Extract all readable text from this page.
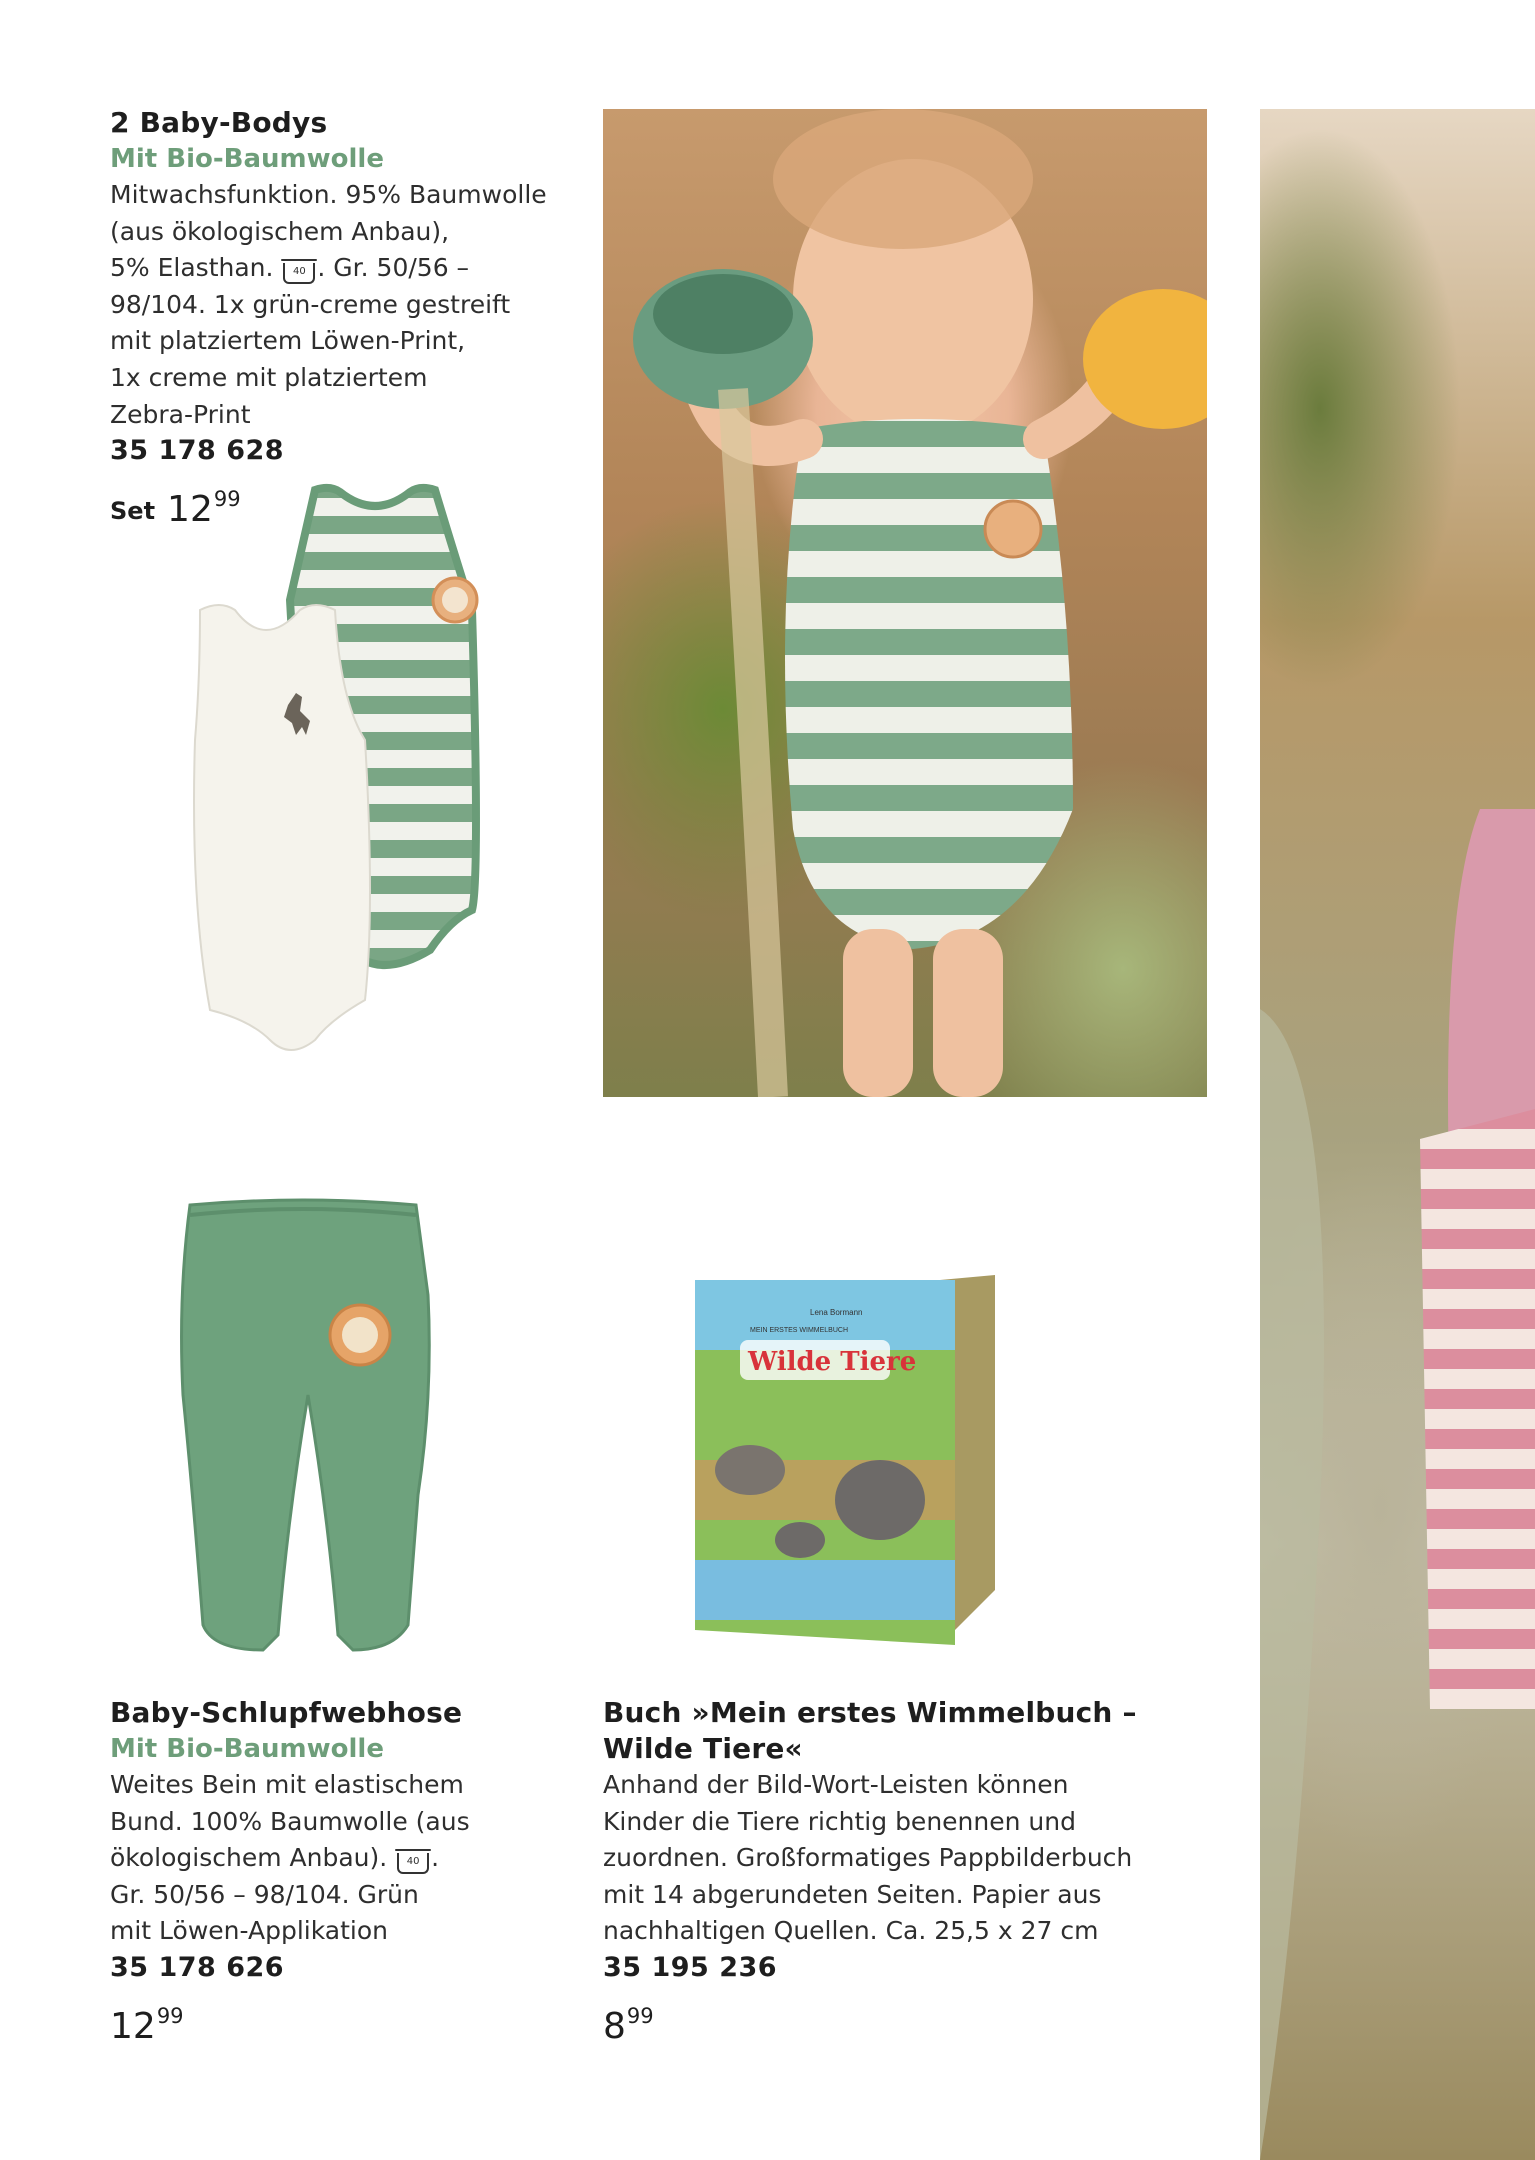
2 Baby-Bodys
Mit Bio-Baumwolle
Mitwachsfunktion. 95% Baumwolle
(aus ökologischem Anbau),
5% Elasthan. 40 . Gr. 50/56 –
98/104. 1x grün-creme gestreift
mit platziertem Löwen-Print,
1x creme mit platziertem
Zebra-Print
35 178 628
Set $12^{99}$
Lena Bormann
MEIN ERSTES WIMMELBUCH
Wilde Tiere
Baby-Schlupfwebhose
Mit Bio-Baumwolle
Weites Bein mit elastischem
Bund. 100% Baumwolle (aus
ökologischem Anbau). 40 .
Gr. 50/56 – 98/104. Grün
mit Löwen-Applikation
35 178 626
$12^{99}$
Buch »Mein erstes Wimmelbuch –
Wilde Tiere«
Anhand der Bild-Wort-Leisten können
Kinder die Tiere richtig benennen und
zuordnen. Großformatiges Pappbilderbuch
mit 14 abgerundeten Seiten. Papier aus
nachhaltigen Quellen. Ca. 25,5 x 27 cm
35 195 236
$8^{99}$
